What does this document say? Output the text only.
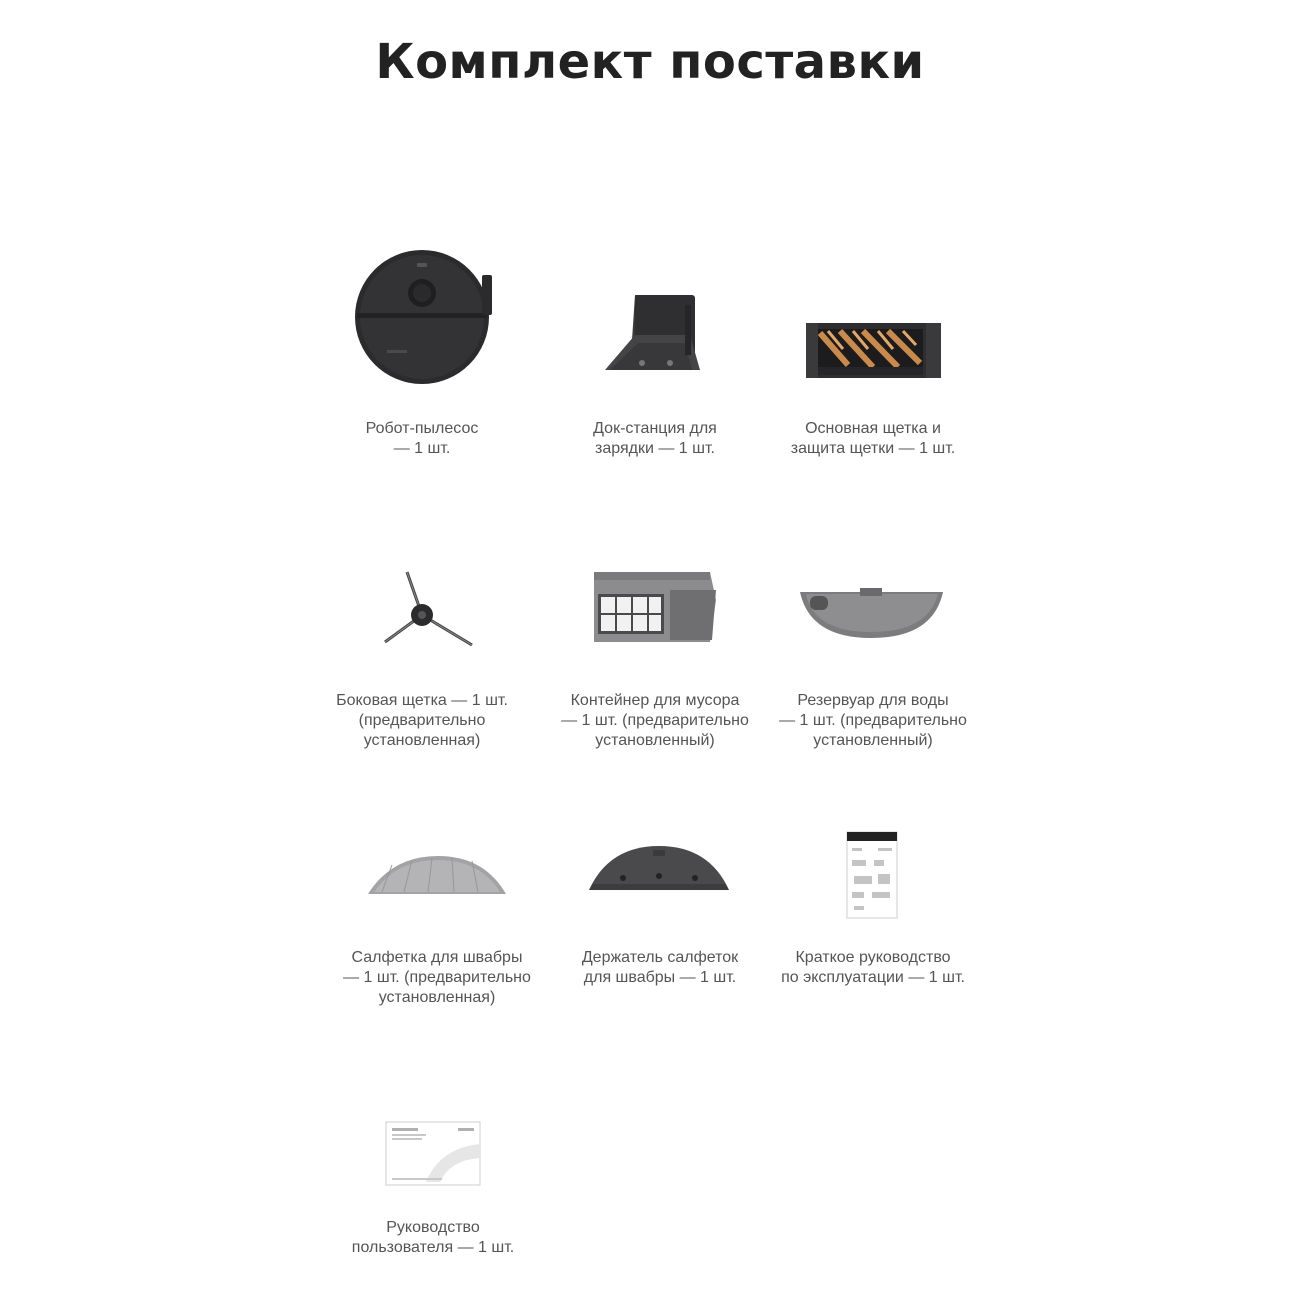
Комплект поставки
Робот-пылесос
— 1 шт.
Док-станция для
зарядки — 1 шт.
Основная щетка и
защита щетки — 1 шт.
Боковая щетка — 1 шт.
(предварительно
установленная)
Контейнер для мусора
— 1 шт. (предварительно
установленный)
Резервуар для воды
— 1 шт. (предварительно
установленный)
Салфетка для швабры
— 1 шт. (предварительно
установленная)
Держатель салфеток
для швабры — 1 шт.
Краткое руководство
по эксплуатации — 1 шт.
Руководство
пользователя — 1 шт.
